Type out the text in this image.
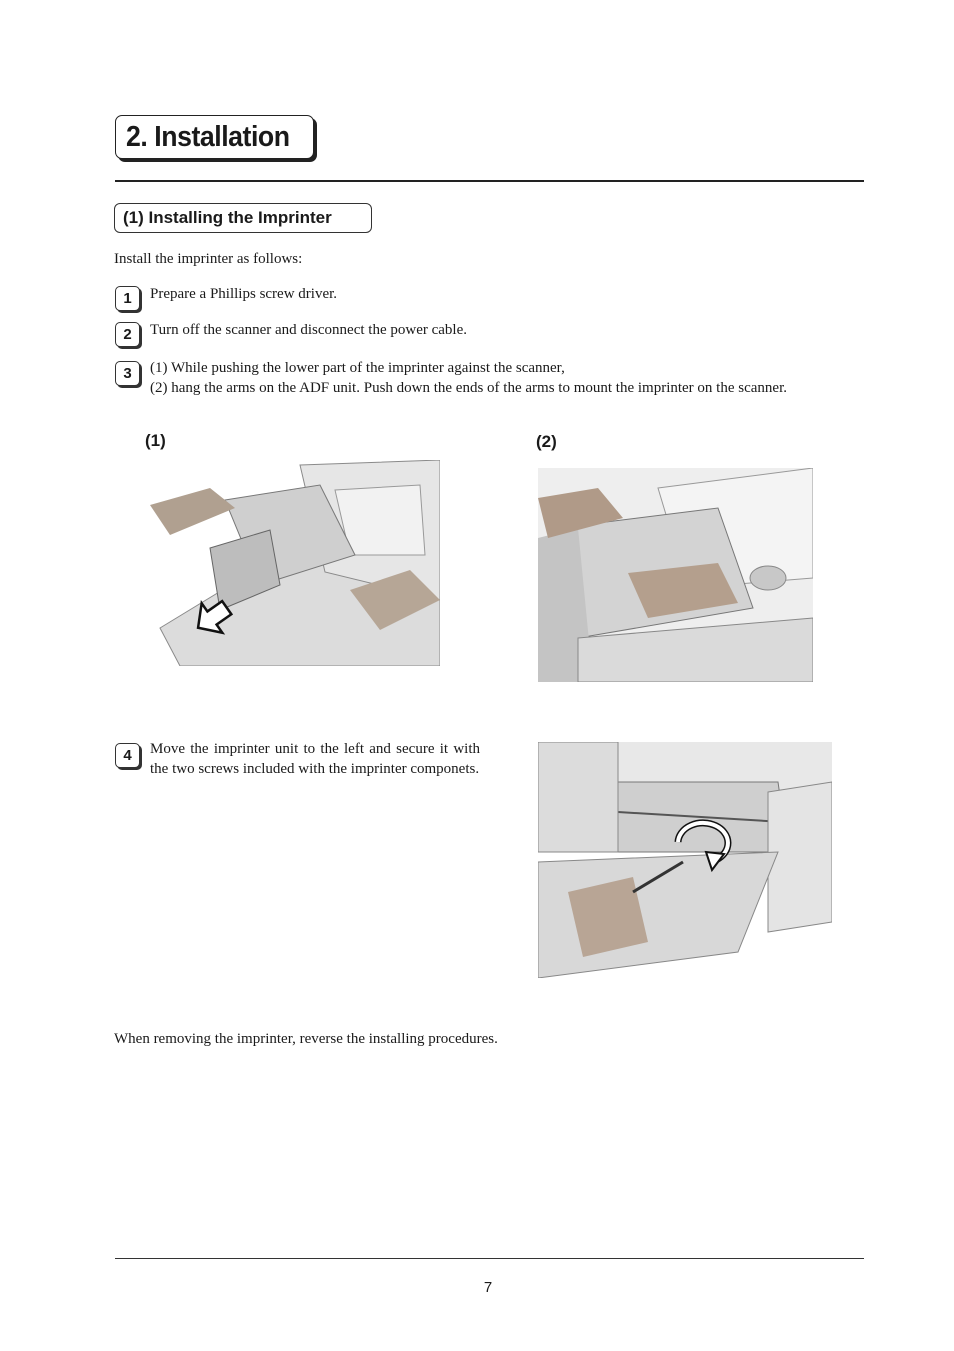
2. Installation
(1) Installing the Imprinter
Install the imprinter as follows:
1	Prepare a Phillips screw driver.
2	Turn off the scanner and disconnect the power cable.
3	(1) While pushing the lower part of the imprinter against the scanner,
(2) hang the arms on the ADF unit. Push down the ends of the arms to mount the imprinter on the scanner.
(1)	(2)
4	Move the imprinter unit to the left and secure it with the two screws included with the imprinter componets.
When removing the imprinter, reverse the installing procedures.
7
